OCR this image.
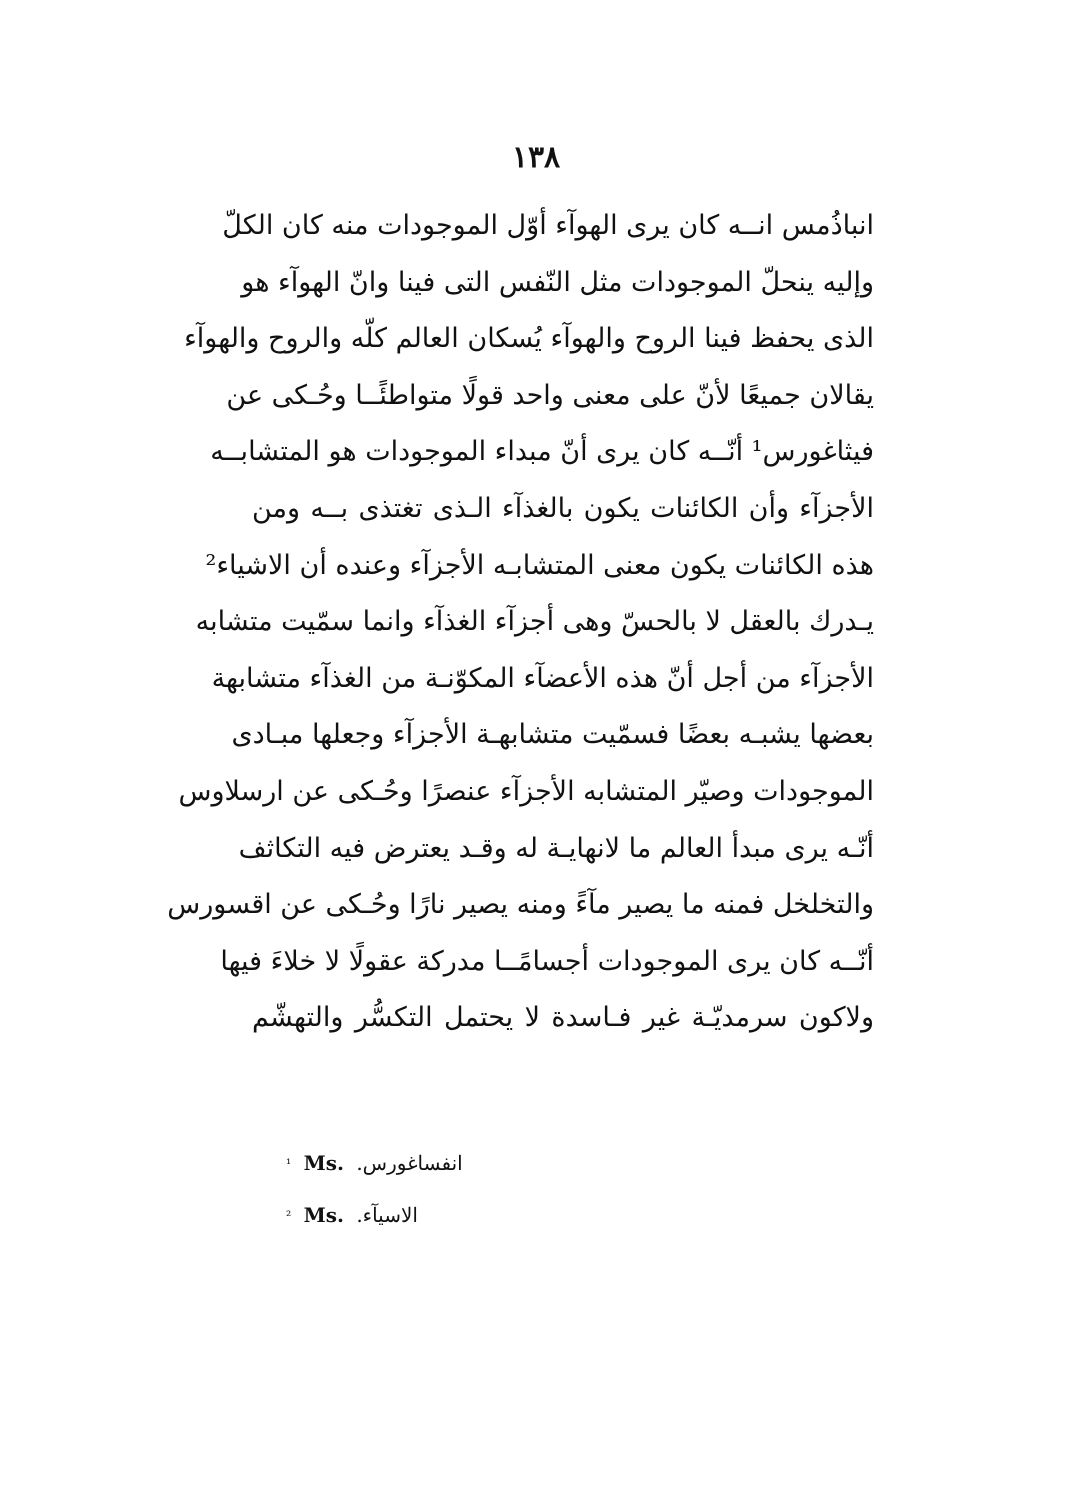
١٣٨
انباذُمس انــه كان يرى الهوآء أوّل الموجودات منه كان الكلّ
وإليه ينحلّ الموجودات مثل النّفس التى فينا وانّ الهوآء هو
الذى يحفظ فينا الروح والهوآء يُسكان العالم كلّه والروح والهوآء
يقالان جميعًا لأنّ على معنى واحد قولًا متواطئًــا وحُـكى عن
فيثاغورس¹ أنّــه كان يرى أنّ مبداء الموجودات هو المتشابــه
الأجزآء وأن الكائنات يكون بالغذآء الـذى تغتذى بــه ومن
هذه الكائنات يكون معنى المتشابـه الأجزآء وعنده أن الاشياء²
يـدرك بالعقل لا بالحسّ وهى أجزآء الغذآء وانما سمّيت متشابه
الأجزآء من أجل أنّ هذه الأعضآء المكوّنـة من الغذآء متشابهة
بعضها يشبـه بعضًا فسمّيت متشابهـة الأجزآء وجعلها مبـادى
الموجودات وصيّر المتشابه الأجزآء عنصرًا وحُـكى عن ارسلاوس
أنّـه يرى مبدأ العالم ما لانهايـة له وقـد يعترض فيه التكاثف
والتخلخل فمنه ما يصير مآءً ومنه يصير نارًا وحُـكى عن اقسورس
أنّــه كان يرى الموجودات أجسامًــا مدركة عقولًا لا خلاءَ فيها
ولاكون سرمديّـة غير فـاسدة لا يحتمل التكسُّر والتهشّم
¹ Ms. انفساغورس.
² Ms. الاسيآء.
